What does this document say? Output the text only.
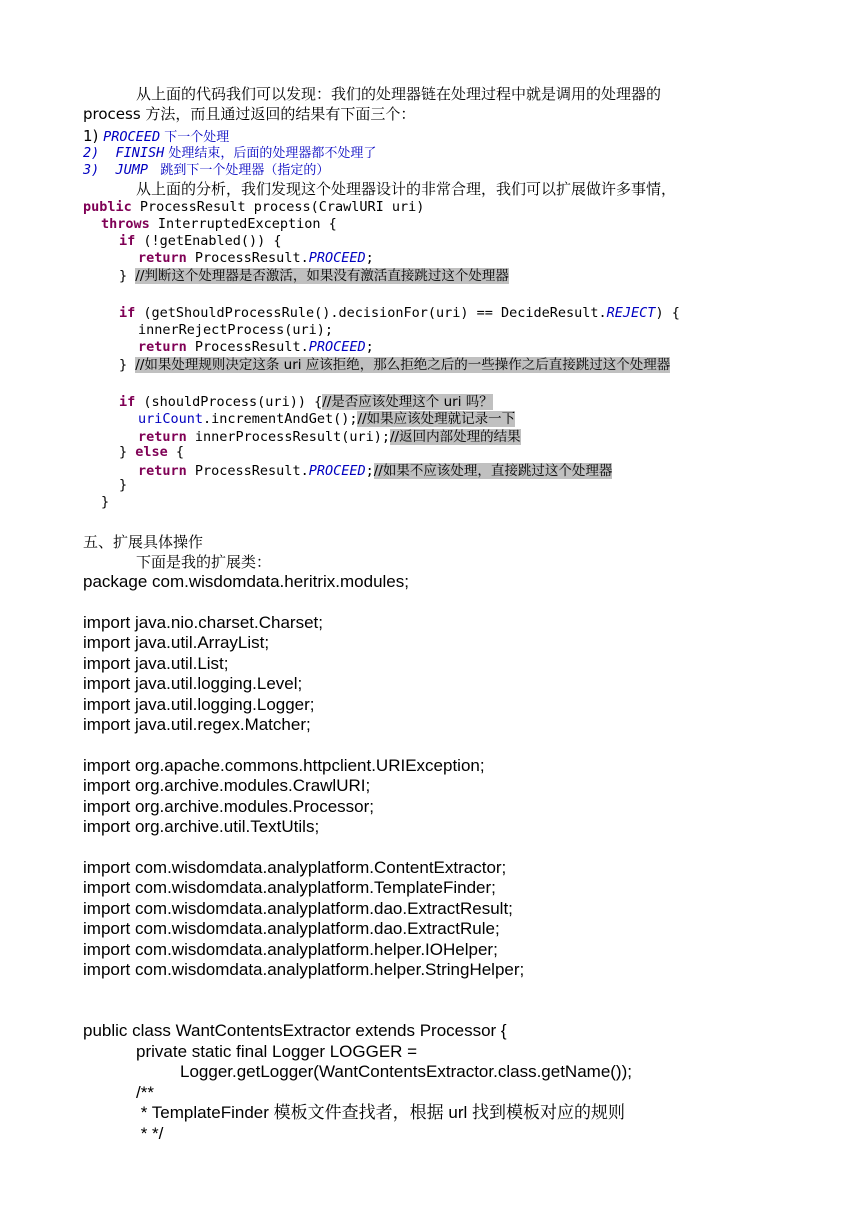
从上面的代码我们可以发现：我们的处理器链在处理过程中就是调用的处理器的
process 方法，而且通过返回的结果有下面三个：
1) PROCEED 下一个处理
2)  FINISH 处理结束，后面的处理器都不处理了
3)  JUMP   跳到下一个处理器（指定的）
从上面的分析，我们发现这个处理器设计的非常合理，我们可以扩展做许多事情，
public ProcessResult process(CrawlURI uri)
throws InterruptedException {
if (!getEnabled()) {
return ProcessResult.PROCEED;
} //判断这个处理器是否激活，如果没有激活直接跳过这个处理器
if (getShouldProcessRule().decisionFor(uri) == DecideResult.REJECT) {
innerRejectProcess(uri);
return ProcessResult.PROCEED;
} //如果处理规则决定这条 uri 应该拒绝，那么拒绝之后的一些操作之后直接跳过这个处理器
if (shouldProcess(uri)) {//是否应该处理这个 uri 吗？
uriCount.incrementAndGet();//如果应该处理就记录一下
return innerProcessResult(uri);//返回内部处理的结果
} else {
return ProcessResult.PROCEED;//如果不应该处理，直接跳过这个处理器
}
}
五、扩展具体操作
下面是我的扩展类：
package com.wisdomdata.heritrix.modules;
import java.nio.charset.Charset;
import java.util.ArrayList;
import java.util.List;
import java.util.logging.Level;
import java.util.logging.Logger;
import java.util.regex.Matcher;
import org.apache.commons.httpclient.URIException;
import org.archive.modules.CrawlURI;
import org.archive.modules.Processor;
import org.archive.util.TextUtils;
import com.wisdomdata.analyplatform.ContentExtractor;
import com.wisdomdata.analyplatform.TemplateFinder;
import com.wisdomdata.analyplatform.dao.ExtractResult;
import com.wisdomdata.analyplatform.dao.ExtractRule;
import com.wisdomdata.analyplatform.helper.IOHelper;
import com.wisdomdata.analyplatform.helper.StringHelper;
public class WantContentsExtractor extends Processor {
private static final Logger LOGGER =
Logger.getLogger(WantContentsExtractor.class.getName());
/**
* TemplateFinder 模板文件查找者，根据 url 找到模板对应的规则
* */
